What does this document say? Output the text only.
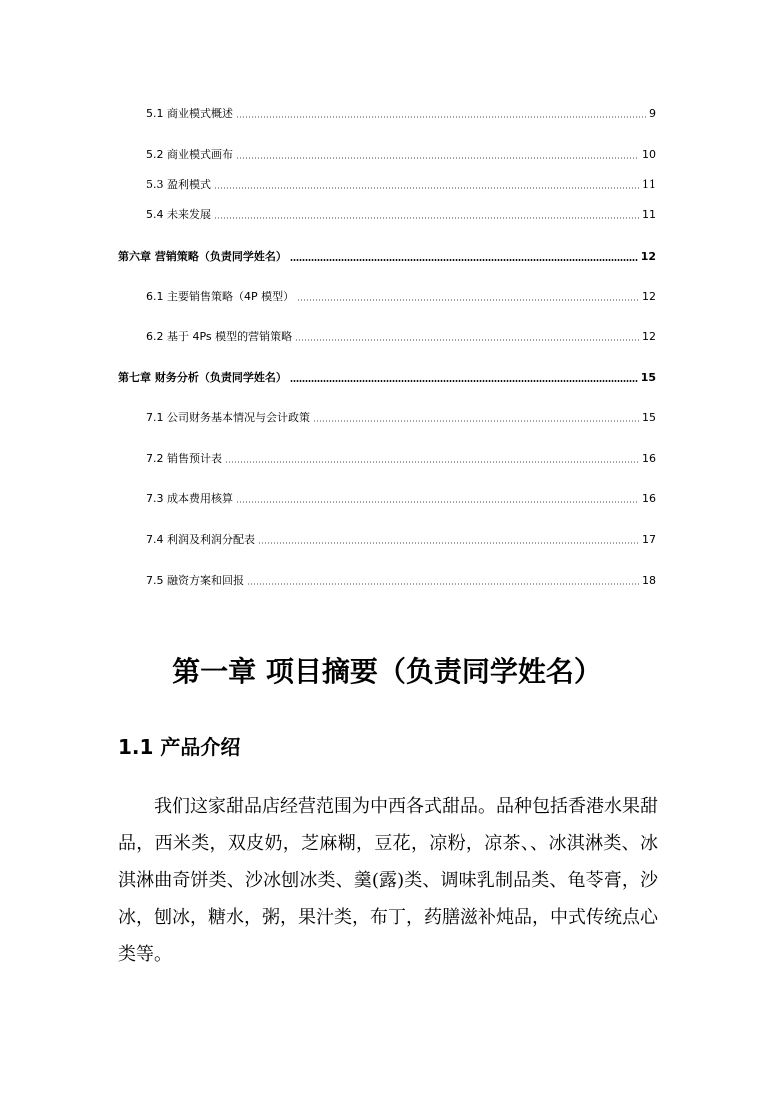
5.1 商业模式概述	9
5.2 商业模式画布	10
5.3 盈利模式	11
5.4 未来发展	11
第六章 营销策略（负责同学姓名）	12
6.1 主要销售策略（4P 模型）	12
6.2 基于 4Ps 模型的营销策略	12
第七章 财务分析（负责同学姓名）	15
7.1 公司财务基本情况与会计政策	15
7.2 销售预计表	16
7.3 成本费用核算	16
7.4 利润及利润分配表	17
7.5 融资方案和回报	18
第一章 项目摘要（负责同学姓名）
1.1 产品介绍

我们这家甜品店经营范围为中西各式甜品。品种包括香港水果甜品，西米类，双皮奶，芝麻糊，豆花，凉粉，凉茶、、冰淇淋类、冰淇淋曲奇饼类、沙冰刨冰类、羹(露)类、调味乳制品类、龟苓膏，沙冰，刨冰，糖水，粥，果汁类，布丁，药膳滋补炖品，中式传统点心类等。
